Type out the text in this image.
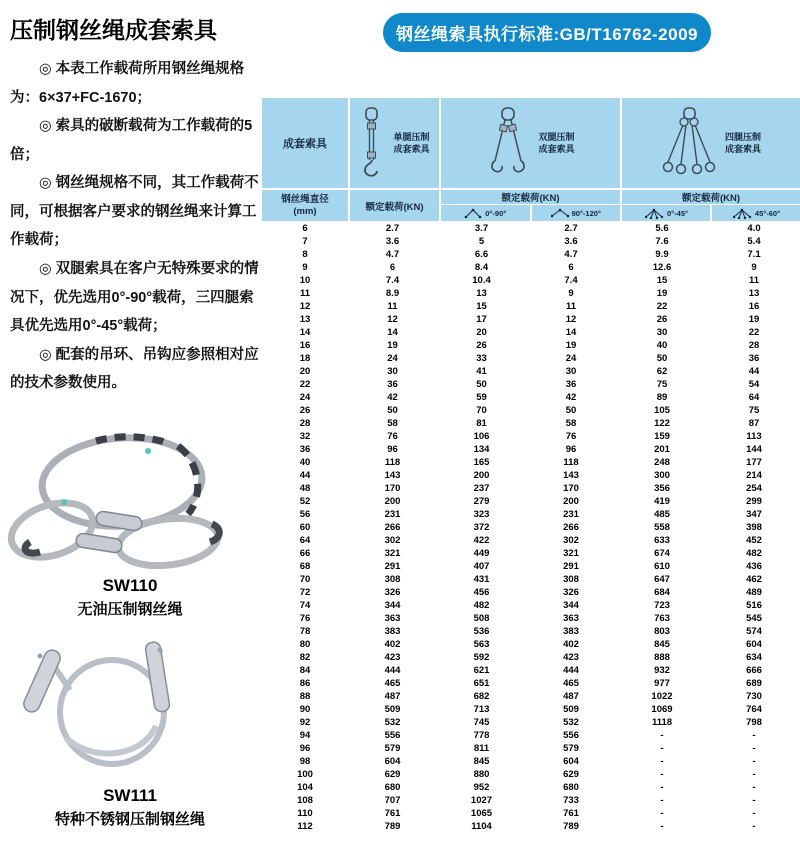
压制钢丝绳成套索具

◎ 本表工作载荷所用钢丝绳规格为：6×37+FC-1670；

◎ 索具的破断载荷为工作载荷的5倍；

◎ 钢丝绳规格不同，其工作载荷不同，可根据客户要求的钢丝绳来计算工作载荷；

◎ 双腿索具在客户无特殊要求的情况下，优先选用0°-90°载荷，三四腿索具优先选用0°-45°载荷；

◎ 配套的吊环、吊钩应参照相对应的技术参数使用。

SW110
无油压制钢丝绳
SW111
特种不锈钢压制钢丝绳
钢丝绳索具执行标准:GB/T16762-2009
成套索具
单腿压制
成套索具
双腿压制
成套索具
四腿压制
成套索具
钢丝绳直径
(mm)	额定载荷(KN)
额定载荷(KN)
0°-90°	90°-120°
额定载荷(KN)
0°-45°	45°-60°
6	2.7	3.7	2.7	5.6	4.0
7	3.6	5	3.6	7.6	5.4
8	4.7	6.6	4.7	9.9	7.1
9	6	8.4	6	12.6	9
10	7.4	10.4	7.4	15	11
11	8.9	13	9	19	13
12	11	15	11	22	16
13	12	17	12	26	19
14	14	20	14	30	22
16	19	26	19	40	28
18	24	33	24	50	36
20	30	41	30	62	44
22	36	50	36	75	54
24	42	59	42	89	64
26	50	70	50	105	75
28	58	81	58	122	87
32	76	106	76	159	113
36	96	134	96	201	144
40	118	165	118	248	177
44	143	200	143	300	214
48	170	237	170	356	254
52	200	279	200	419	299
56	231	323	231	485	347
60	266	372	266	558	398
64	302	422	302	633	452
66	321	449	321	674	482
68	291	407	291	610	436
70	308	431	308	647	462
72	326	456	326	684	489
74	344	482	344	723	516
76	363	508	363	763	545
78	383	536	383	803	574
80	402	563	402	845	604
82	423	592	423	888	634
84	444	621	444	932	666
86	465	651	465	977	689
88	487	682	487	1022	730
90	509	713	509	1069	764
92	532	745	532	1118	798
94	556	778	556	-	-
96	579	811	579	-	-
98	604	845	604	-	-
100	629	880	629	-	-
104	680	952	680	-	-
108	707	1027	733	-	-
110	761	1065	761	-	-
112	789	1104	789	-	-
